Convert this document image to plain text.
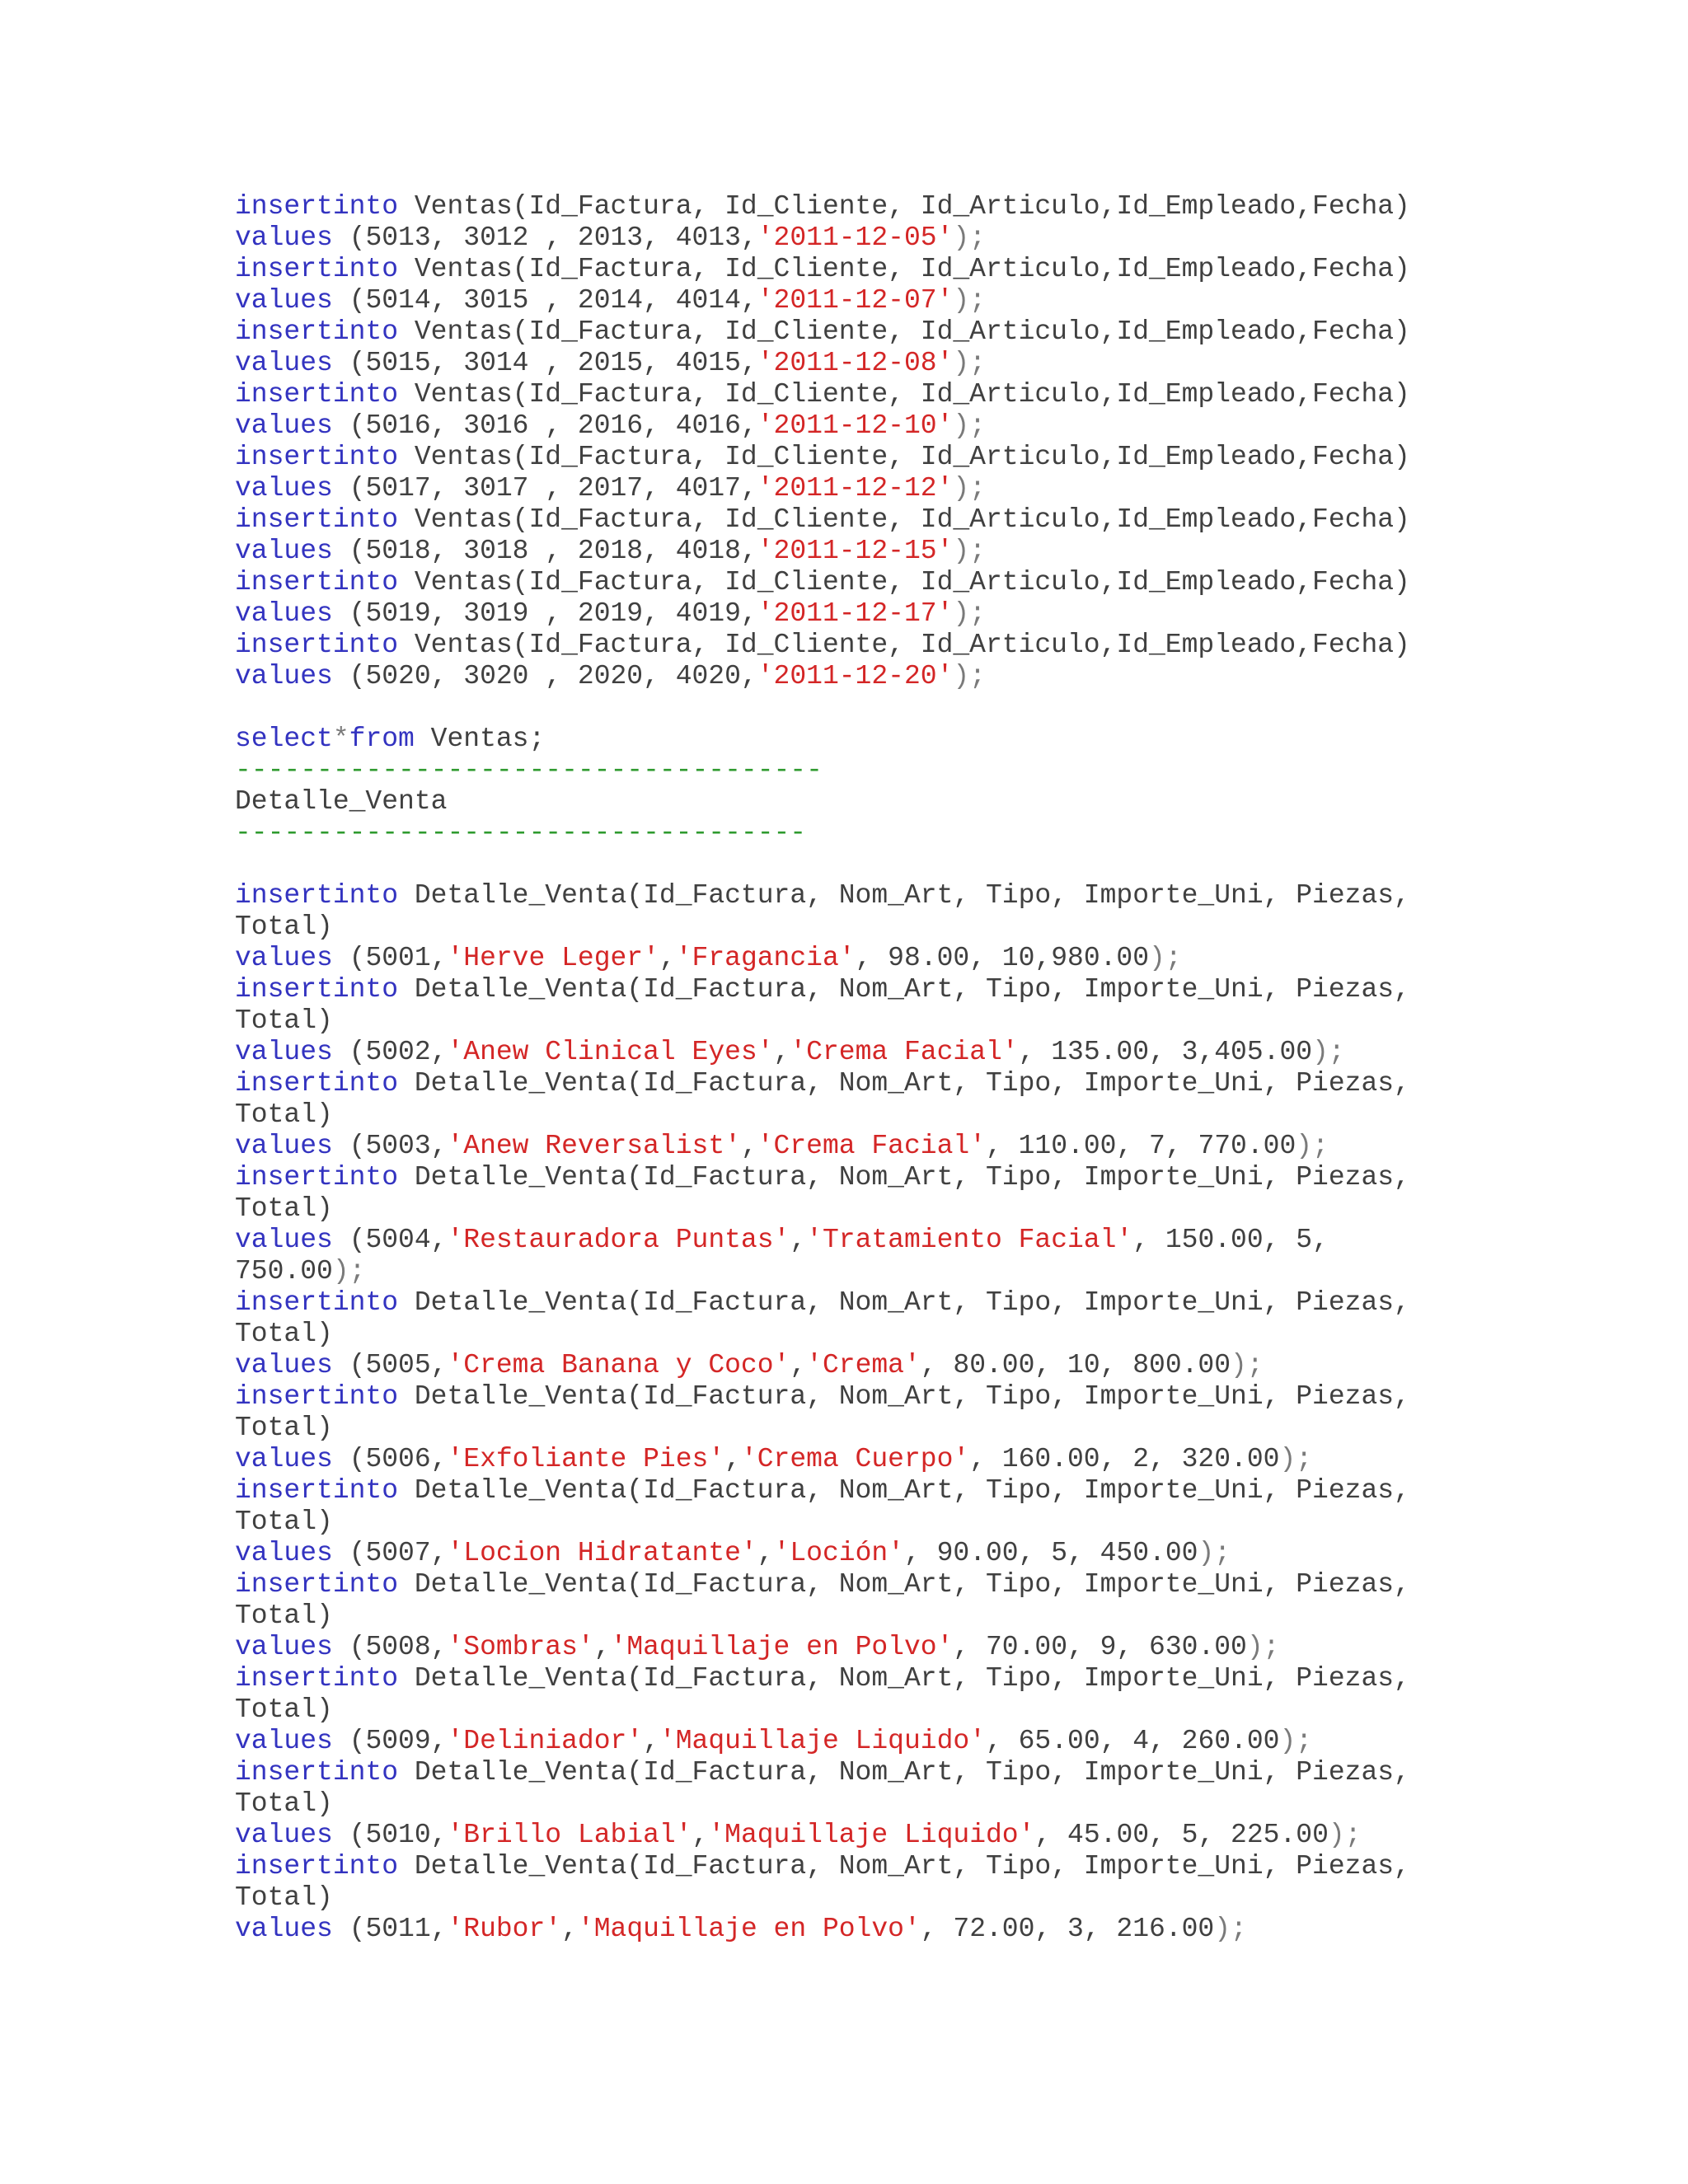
insertinto Ventas(Id_Factura, Id_Cliente, Id_Articulo,Id_Empleado,Fecha)
values (5013, 3012 , 2013, 4013,'2011-12-05');
insertinto Ventas(Id_Factura, Id_Cliente, Id_Articulo,Id_Empleado,Fecha)
values (5014, 3015 , 2014, 4014,'2011-12-07');
insertinto Ventas(Id_Factura, Id_Cliente, Id_Articulo,Id_Empleado,Fecha)
values (5015, 3014 , 2015, 4015,'2011-12-08');
insertinto Ventas(Id_Factura, Id_Cliente, Id_Articulo,Id_Empleado,Fecha)
values (5016, 3016 , 2016, 4016,'2011-12-10');
insertinto Ventas(Id_Factura, Id_Cliente, Id_Articulo,Id_Empleado,Fecha)
values (5017, 3017 , 2017, 4017,'2011-12-12');
insertinto Ventas(Id_Factura, Id_Cliente, Id_Articulo,Id_Empleado,Fecha)
values (5018, 3018 , 2018, 4018,'2011-12-15');
insertinto Ventas(Id_Factura, Id_Cliente, Id_Articulo,Id_Empleado,Fecha)
values (5019, 3019 , 2019, 4019,'2011-12-17');
insertinto Ventas(Id_Factura, Id_Cliente, Id_Articulo,Id_Empleado,Fecha)
values (5020, 3020 , 2020, 4020,'2011-12-20');
select*from Ventas;
------------------------------------
Detalle_Venta
-----------------------------------
insertinto Detalle_Venta(Id_Factura, Nom_Art, Tipo, Importe_Uni, Piezas,
Total)
values (5001,'Herve Leger','Fragancia', 98.00, 10,980.00);
insertinto Detalle_Venta(Id_Factura, Nom_Art, Tipo, Importe_Uni, Piezas,
Total)
values (5002,'Anew Clinical Eyes','Crema Facial', 135.00, 3,405.00);
insertinto Detalle_Venta(Id_Factura, Nom_Art, Tipo, Importe_Uni, Piezas,
Total)
values (5003,'Anew Reversalist','Crema Facial', 110.00, 7, 770.00);
insertinto Detalle_Venta(Id_Factura, Nom_Art, Tipo, Importe_Uni, Piezas,
Total)
values (5004,'Restauradora Puntas','Tratamiento Facial', 150.00, 5,
750.00);
insertinto Detalle_Venta(Id_Factura, Nom_Art, Tipo, Importe_Uni, Piezas,
Total)
values (5005,'Crema Banana y Coco','Crema', 80.00, 10, 800.00);
insertinto Detalle_Venta(Id_Factura, Nom_Art, Tipo, Importe_Uni, Piezas,
Total)
values (5006,'Exfoliante Pies','Crema Cuerpo', 160.00, 2, 320.00);
insertinto Detalle_Venta(Id_Factura, Nom_Art, Tipo, Importe_Uni, Piezas,
Total)
values (5007,'Locion Hidratante','Loción', 90.00, 5, 450.00);
insertinto Detalle_Venta(Id_Factura, Nom_Art, Tipo, Importe_Uni, Piezas,
Total)
values (5008,'Sombras','Maquillaje en Polvo', 70.00, 9, 630.00);
insertinto Detalle_Venta(Id_Factura, Nom_Art, Tipo, Importe_Uni, Piezas,
Total)
values (5009,'Deliniador','Maquillaje Liquido', 65.00, 4, 260.00);
insertinto Detalle_Venta(Id_Factura, Nom_Art, Tipo, Importe_Uni, Piezas,
Total)
values (5010,'Brillo Labial','Maquillaje Liquido', 45.00, 5, 225.00);
insertinto Detalle_Venta(Id_Factura, Nom_Art, Tipo, Importe_Uni, Piezas,
Total)
values (5011,'Rubor','Maquillaje en Polvo', 72.00, 3, 216.00);
